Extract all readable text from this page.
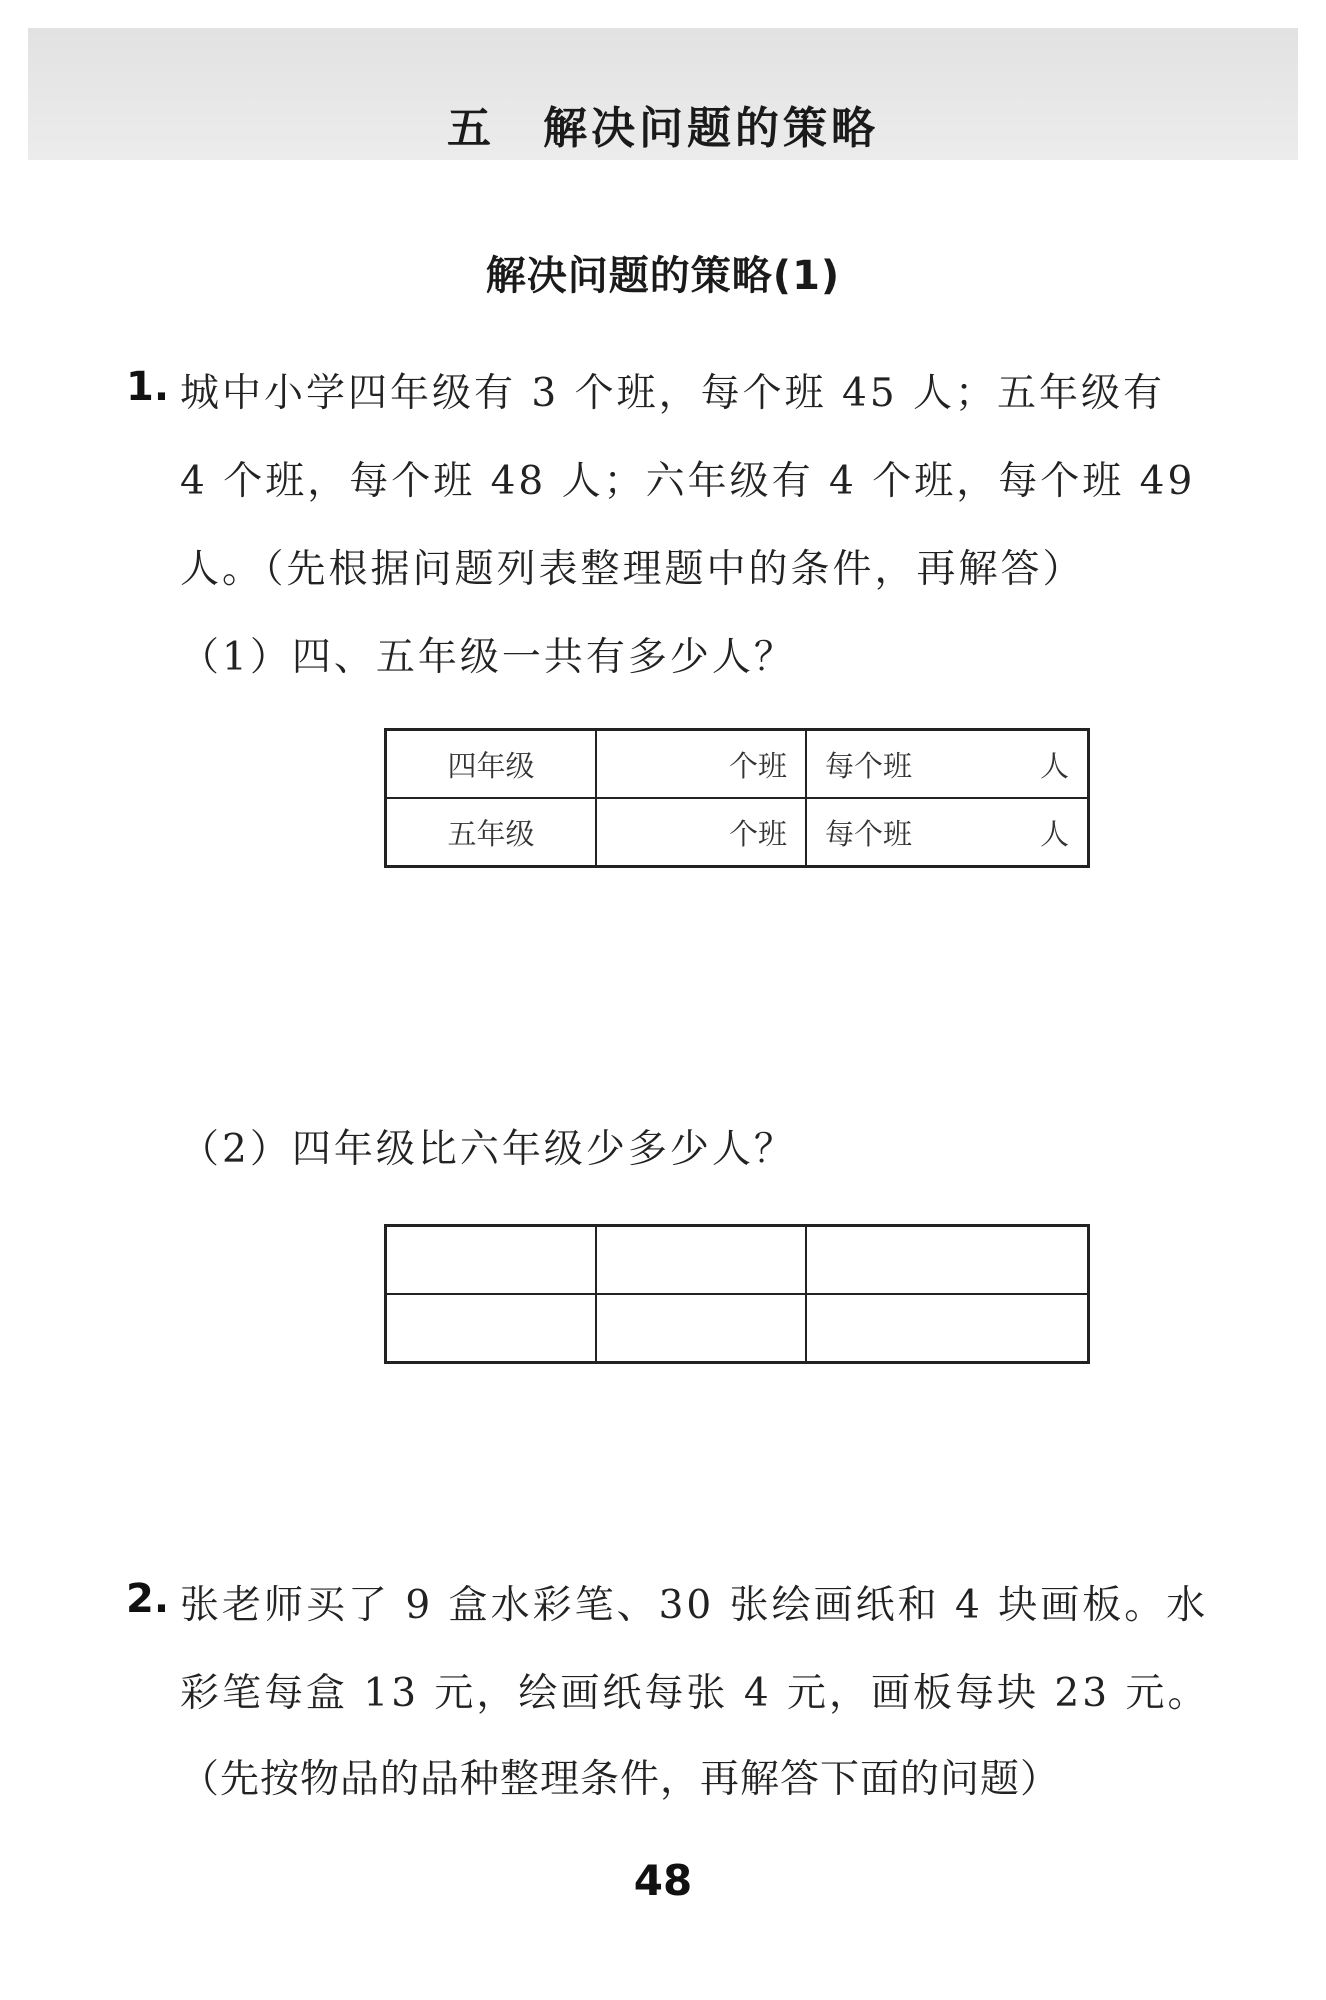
五 解决问题的策略
解决问题的策略(1)
1. 城中小学四年级有 3 个班，每个班 45 人；五年级有
4 个班，每个班 48 人；六年级有 4 个班，每个班 49
人。（先根据问题列表整理题中的条件，再解答）
（1）四、五年级一共有多少人？
四年级	个班	每个班 人

五年级	个班	每个班 人
（2）四年级比六年级少多少人？

2. 张老师买了 9 盒水彩笔、30 张绘画纸和 4 块画板。水
彩笔每盒 13 元，绘画纸每张 4 元，画板每块 23 元。
（先按物品的品种整理条件，再解答下面的问题）
48
